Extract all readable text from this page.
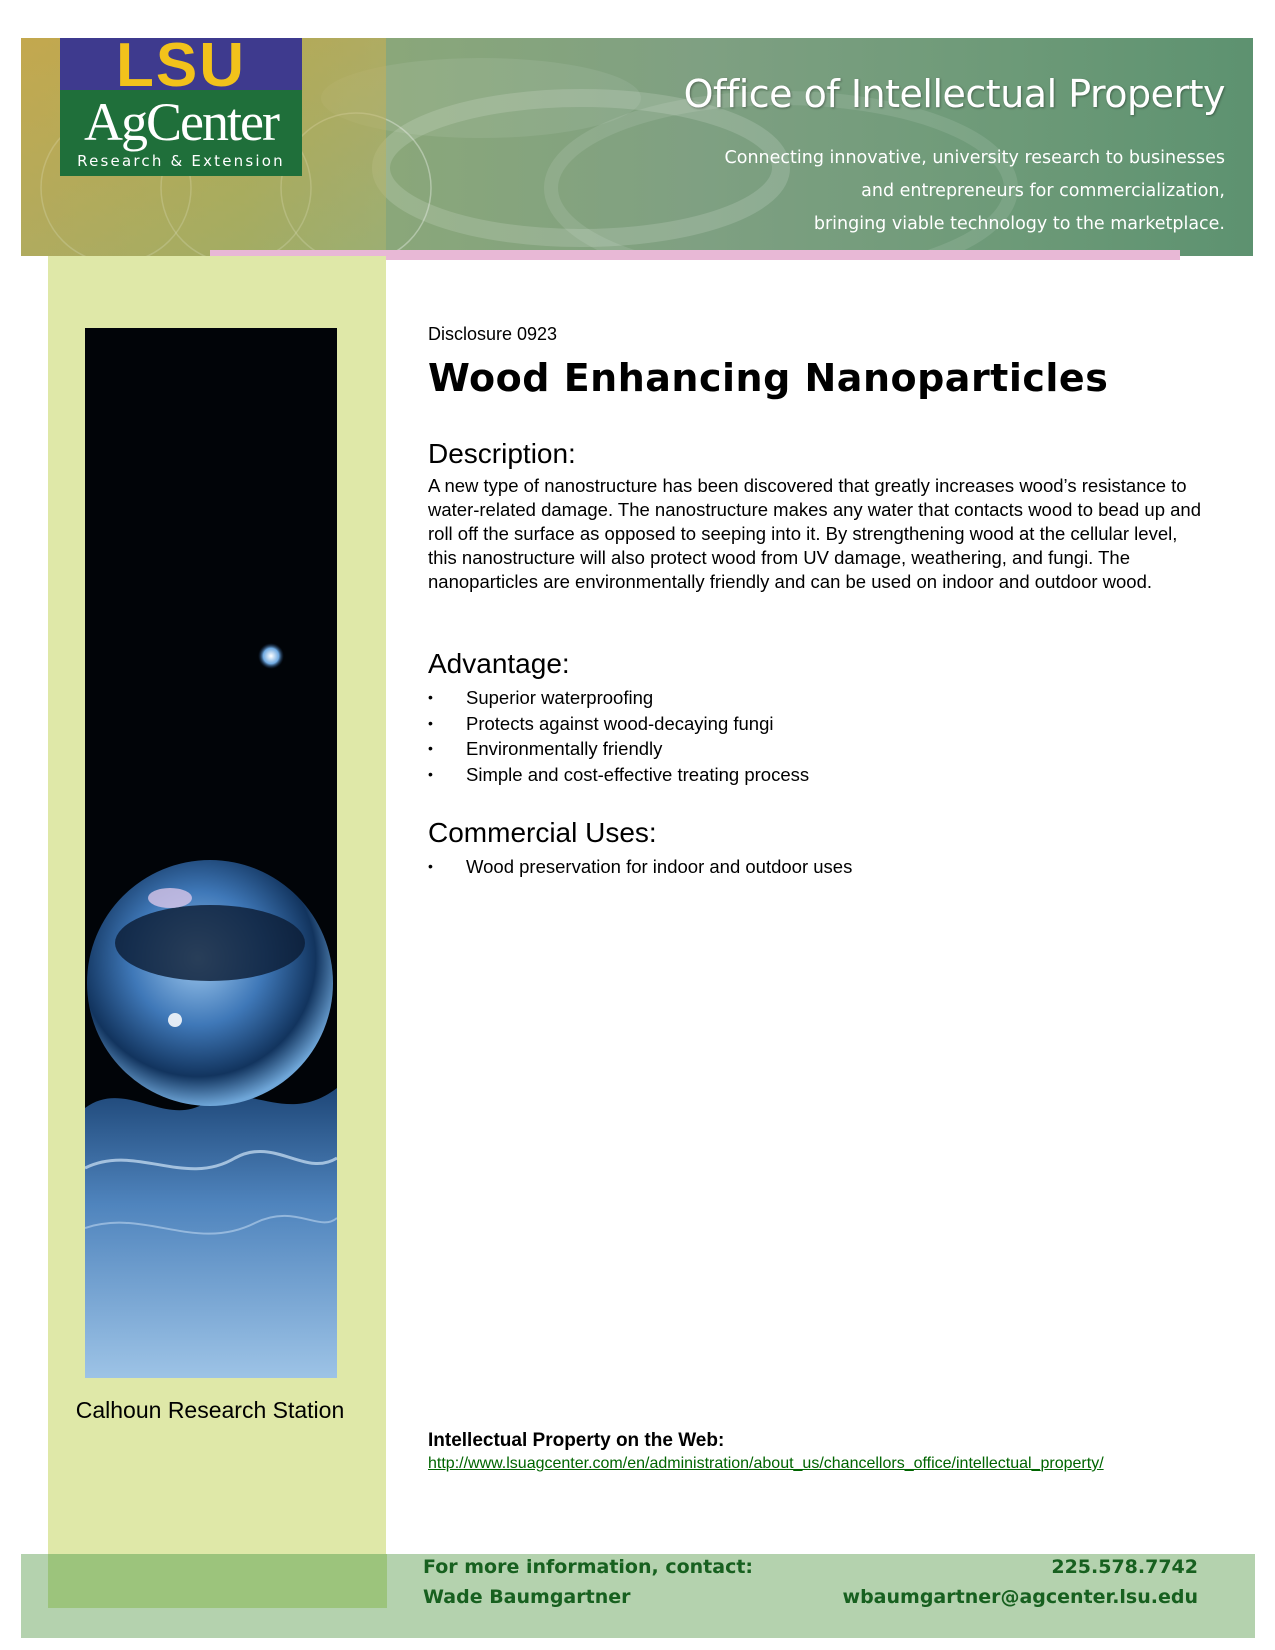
Office of Intellectual Property
Connecting innovative, university research to businesses
and entrepreneurs for commercialization,
bringing viable technology to the marketplace.
LSU
AgCenter
Research & Extension
Calhoun Research Station
Disclosure 0923
Wood Enhancing Nanoparticles
Description:

A new type of nanostructure has been discovered that greatly increases wood’s resistance to water-related damage. The nanostructure makes any water that contacts wood to bead up and roll off the surface as opposed to seeping into it. By strengthening wood at the cellular level, this nanostructure will also protect wood from UV damage, weathering, and fungi. The nanoparticles are environmentally friendly and can be used on indoor and outdoor wood.

Advantage:
• Superior waterproofing
• Protects against wood-decaying fungi
• Environmentally friendly
• Simple and cost-effective treating process
Commercial Uses:
• Wood preservation for indoor and outdoor uses
Intellectual Property on the Web:
http://www.lsuagcenter.com/en/administration/about_us/chancellors_office/intellectual_property/
For more information, contact:
Wade Baumgartner
225.578.7742
wbaumgartner@agcenter.lsu.edu
